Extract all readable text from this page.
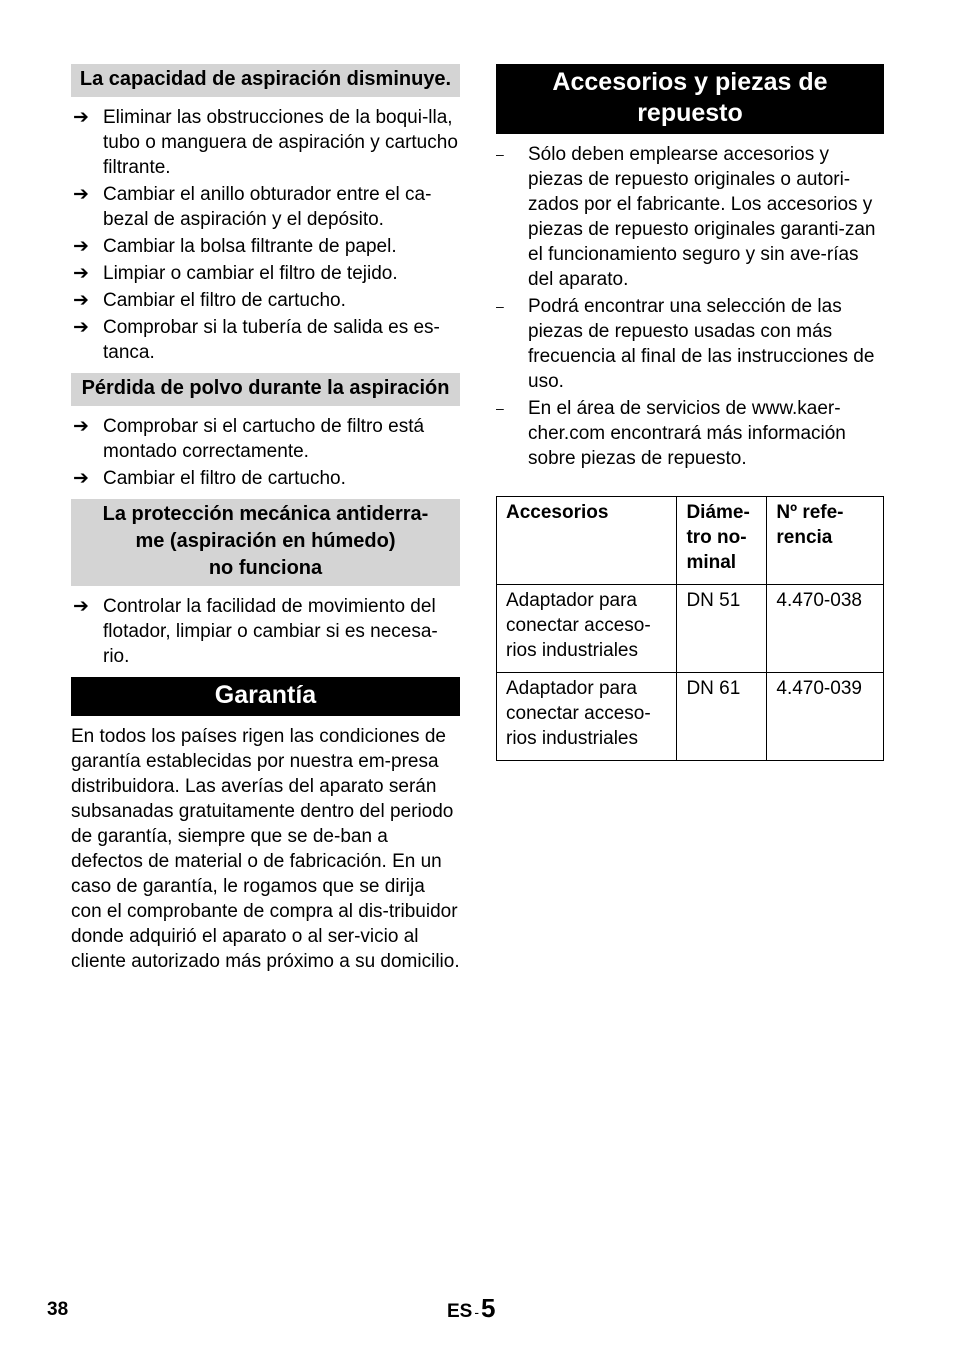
La capacidad de aspiración disminuye.
➔ Eliminar las obstrucciones de la boqui-lla, tubo o manguera de aspiración y cartucho filtrante.
➔ Cambiar el anillo obturador entre el ca-bezal de aspiración y el depósito.
➔ Cambiar la bolsa filtrante de papel.
➔ Limpiar o cambiar el filtro de tejido.
➔ Cambiar el filtro de cartucho.
➔ Comprobar si la tubería de salida es es-tanca.
Pérdida de polvo durante la aspiración
➔ Comprobar si el cartucho de filtro está montado correctamente.
➔ Cambiar el filtro de cartucho.
La protección mecánica antiderra-
me (aspiración en húmedo)
no funciona
➔ Controlar la facilidad de movimiento del flotador, limpiar o cambiar si es necesa-rio.
Garantía

En todos los países rigen las condiciones de garantía establecidas por nuestra em-presa distribuidora. Las averías del aparato serán subsanadas gratuitamente dentro del periodo de garantía, siempre que se de-ban a defectos de material o de fabricación. En un caso de garantía, le rogamos que se dirija con el comprobante de compra al dis-tribuidor donde adquirió el aparato o al ser-vicio al cliente autorizado más próximo a su domicilio.

Accesorios y piezas de repuesto
– Sólo deben emplearse accesorios y piezas de repuesto originales o autori-zados por el fabricante. Los accesorios y piezas de repuesto originales garanti-zan el funcionamiento seguro y sin ave-rías del aparato.
– Podrá encontrar una selección de las piezas de repuesto usadas con más frecuencia al final de las instrucciones de uso.
– En el área de servicios de www.kaer-cher.com encontrará más información sobre piezas de repuesto.
Accesorios	Diáme-tro no-minal	Nº refe-rencia
Adaptador para conectar acceso-rios industriales	DN 51	4.470-038
Adaptador para conectar acceso-rios industriales	DN 61	4.470-039
38	ES -5
